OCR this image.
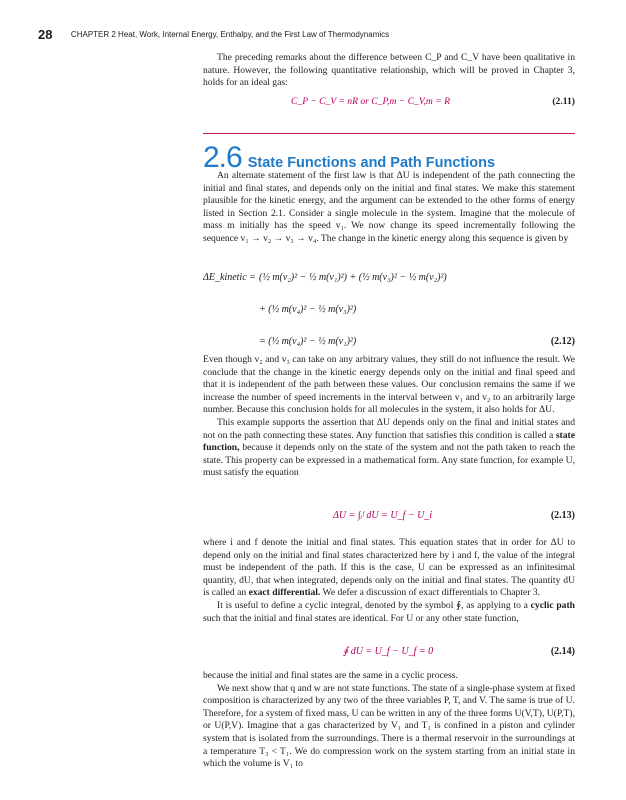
28 CHAPTER 2 Heat, Work, Internal Energy, Enthalpy, and the First Law of Thermodynamics

The preceding remarks about the difference between C_P and C_V have been qualitative in nature. However, the following quantitative relationship, which will be proved in Chapter 3, holds for an ideal gas:

C_P − C_V = nR or C_P,m − C_V,m = R	(2.11)
2.6 State Functions and Path Functions

An alternate statement of the first law is that ΔU is independent of the path connecting the initial and final states, and depends only on the initial and final states. We make this statement plausible for the kinetic energy, and the argument can be extended to the other forms of energy listed in Section 2.1. Consider a single molecule in the system. Imagine that the molecule of mass m initially has the speed v₁. We now change its speed incrementally following the sequence v₁ → v₂ → v₃ → v₄. The change in the kinetic energy along this sequence is given by

ΔE_kinetic = (½ m(v₂)² − ½ m(v₁)²) + (½ m(v₃)² − ½ m(v₂)²)
+ (½ m(v₄)² − ½ m(v₃)²)
= (½ m(v₄)² − ½ m(v₁)²)	(2.12)

Even though v₂ and v₃ can take on any arbitrary values, they still do not influence the result. We conclude that the change in the kinetic energy depends only on the initial and final speed and that it is independent of the path between these values. Our conclusion remains the same if we increase the number of speed increments in the interval between v₁ and v₂ to an arbitrarily large number. Because this conclusion holds for all molecules in the system, it also holds for ΔU.

This example supports the assertion that ΔU depends only on the final and initial states and not on the path connecting these states. Any function that satisfies this condition is called a state function, because it depends only on the state of the system and not the path taken to reach the state. This property can be expressed in a mathematical form. Any state function, for example U, must satisfy the equation

ΔU = ∫ᵢᶠ dU = U_f − U_i	(2.13)

where i and f denote the initial and final states. This equation states that in order for ΔU to depend only on the initial and final states characterized here by i and f, the value of the integral must be independent of the path. If this is the case, U can be expressed as an infinitesimal quantity, dU, that when integrated, depends only on the initial and final states. The quantity dU is called an exact differential. We defer a discussion of exact differentials to Chapter 3.

It is useful to define a cyclic integral, denoted by the symbol ∮, as applying to a cyclic path such that the initial and final states are identical. For U or any other state function,

∮ dU = U_f − U_f = 0	(2.14)

because the initial and final states are the same in a cyclic process.

We next show that q and w are not state functions. The state of a single-phase system at fixed composition is characterized by any two of the three variables P, T, and V. The same is true of U. Therefore, for a system of fixed mass, U can be written in any of the three forms U(V,T), U(P,T), or U(P,V). Imagine that a gas characterized by V₁ and T₁ is confined in a piston and cylinder system that is isolated from the surroundings. There is a thermal reservoir in the surroundings at a temperature T₃ < T₁. We do compression work on the system starting from an initial state in which the volume is V₁ to
